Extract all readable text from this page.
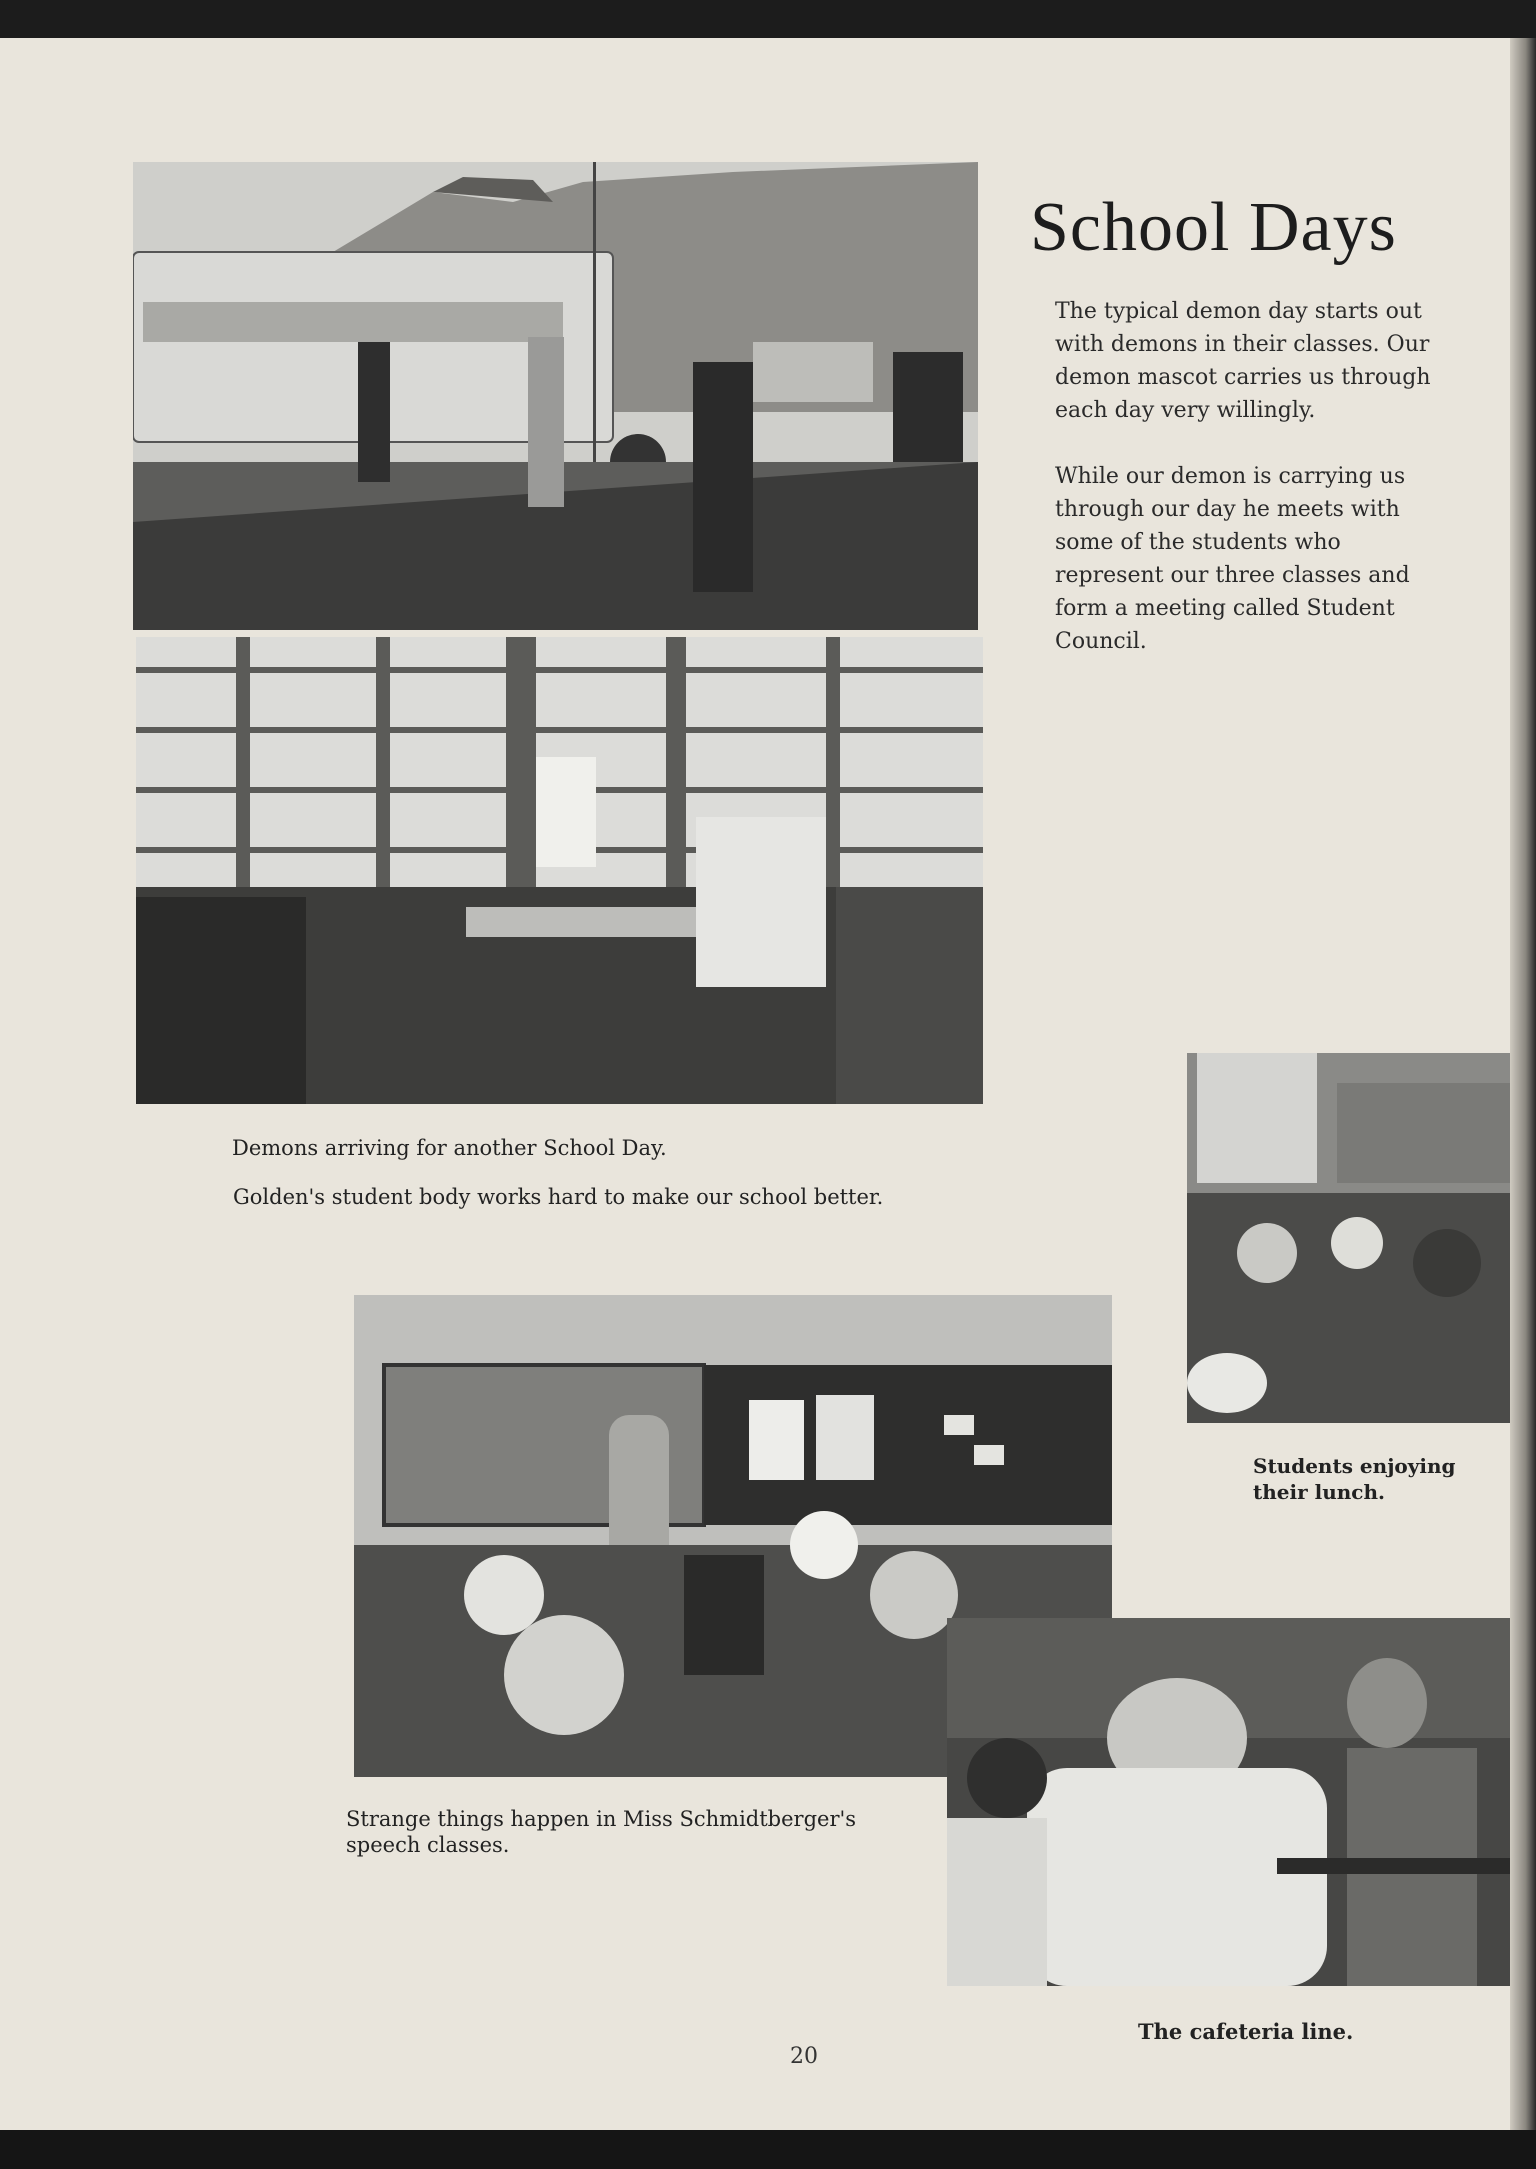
School Days
The typical demon day starts out with demons in their classes. Our demon mascot carries us through each day very willingly.
While our demon is carrying us through our day he meets with some of the students who represent our three classes and form a meeting called Student Council.
Demons arriving for another School Day.
Golden's student body works hard to make our school better.
Students enjoying their lunch.
Strange things happen in Miss Schmidtberger's speech classes.
The cafeteria line.
20
